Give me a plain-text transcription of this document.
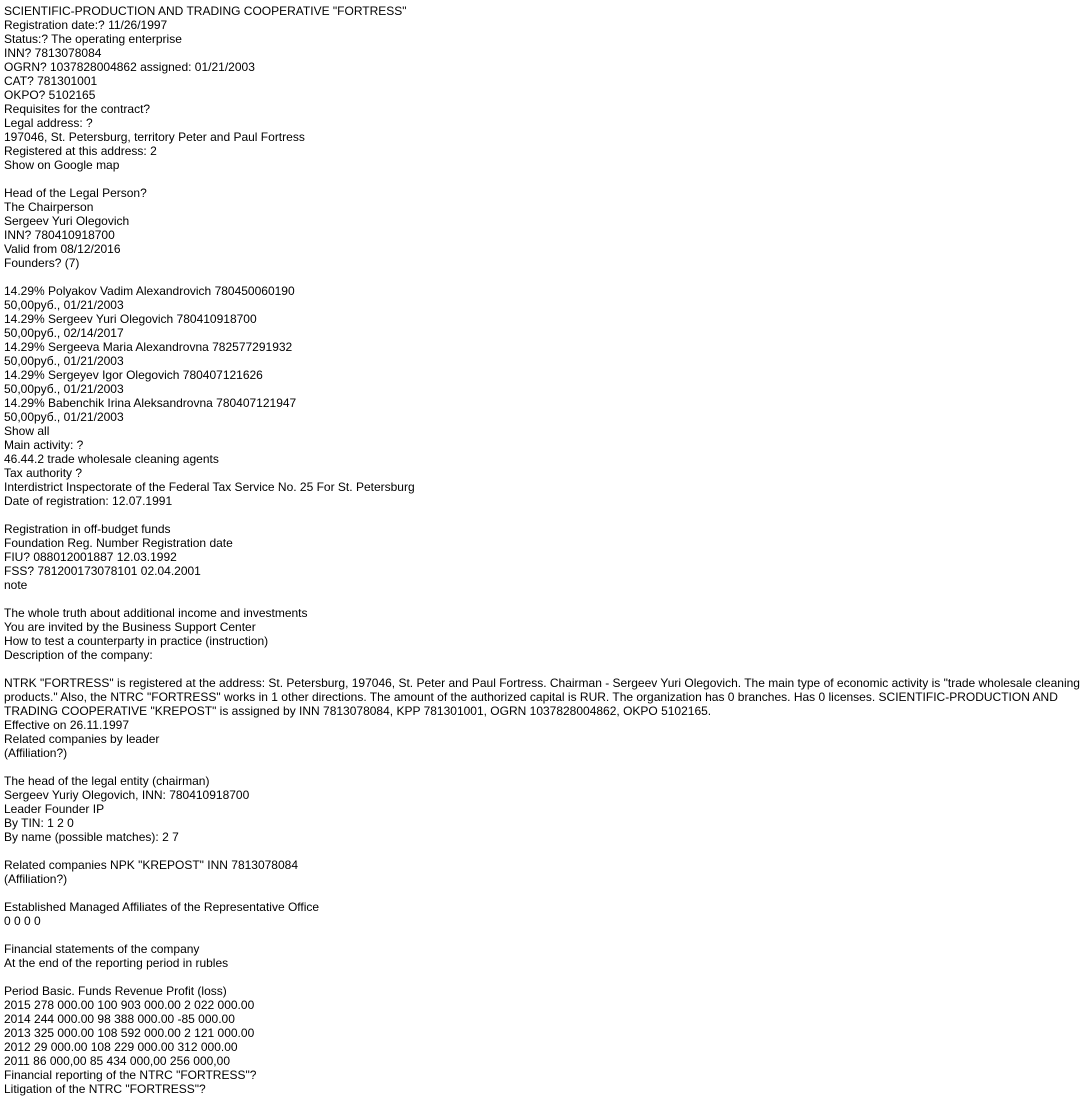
SCIENTIFIC-PRODUCTION AND TRADING COOPERATIVE "FORTRESS"
Registration date:? 11/26/1997
Status:? The operating enterprise
INN? 7813078084
OGRN? 1037828004862 assigned: 01/21/2003
CAT? 781301001
OKPO? 5102165
Requisites for the contract?
Legal address: ?
197046, St. Petersburg, territory Peter and Paul Fortress
Registered at this address: 2
Show on Google map
Head of the Legal Person?
The Chairperson
Sergeev Yuri Olegovich
INN? 780410918700
Valid from 08/12/2016
Founders? (7)
14.29% Polyakov Vadim Alexandrovich 780450060190
50,00руб., 01/21/2003
14.29% Sergeev Yuri Olegovich 780410918700
50,00руб., 02/14/2017
14.29% Sergeeva Maria Alexandrovna 782577291932
50,00руб., 01/21/2003
14.29% Sergeyev Igor Olegovich 780407121626
50,00руб., 01/21/2003
14.29% Babenchik Irina Aleksandrovna 780407121947
50,00руб., 01/21/2003
Show all
Main activity: ?
46.44.2 trade wholesale cleaning agents
Tax authority ?
Interdistrict Inspectorate of the Federal Tax Service No. 25 For St. Petersburg
Date of registration: 12.07.1991
Registration in off-budget funds
Foundation Reg. Number Registration date
FIU? 088012001887 12.03.1992
FSS? 781200173078101 02.04.2001
note
The whole truth about additional income and investments
You are invited by the Business Support Center
How to test a counterparty in practice (instruction)
Description of the company:
NTRK "FORTRESS" is registered at the address: St. Petersburg, 197046, St. Peter and Paul Fortress. Chairman - Sergeev Yuri Olegovich. The main type of economic activity is "trade wholesale cleaning products." Also, the NTRC "FORTRESS" works in 1 other directions. The amount of the authorized capital is RUR. The organization has 0 branches. Has 0 licenses. SCIENTIFIC-PRODUCTION AND TRADING COOPERATIVE "KREPOST" is assigned by INN 7813078084, KPP 781301001, OGRN 1037828004862, OKPO 5102165.
Effective on 26.11.1997
Related companies by leader
(Affiliation?)
The head of the legal entity (chairman)
Sergeev Yuriy Olegovich, INN: 780410918700
Leader Founder IP
By TIN: 1 2 0
By name (possible matches): 2 7
Related companies NPK "KREPOST" INN 7813078084
(Affiliation?)
Established Managed Affiliates of the Representative Office
0 0 0 0
Financial statements of the company
At the end of the reporting period in rubles
Period Basic. Funds Revenue Profit (loss)
2015 278 000.00 100 903 000.00 2 022 000.00
2014 244 000.00 98 388 000.00 -85 000.00
2013 325 000.00 108 592 000.00 2 121 000.00
2012 29 000.00 108 229 000.00 312 000.00
2011 86 000,00 85 434 000,00 256 000,00
Financial reporting of the NTRC "FORTRESS"?
Litigation of the NTRC "FORTRESS"?
